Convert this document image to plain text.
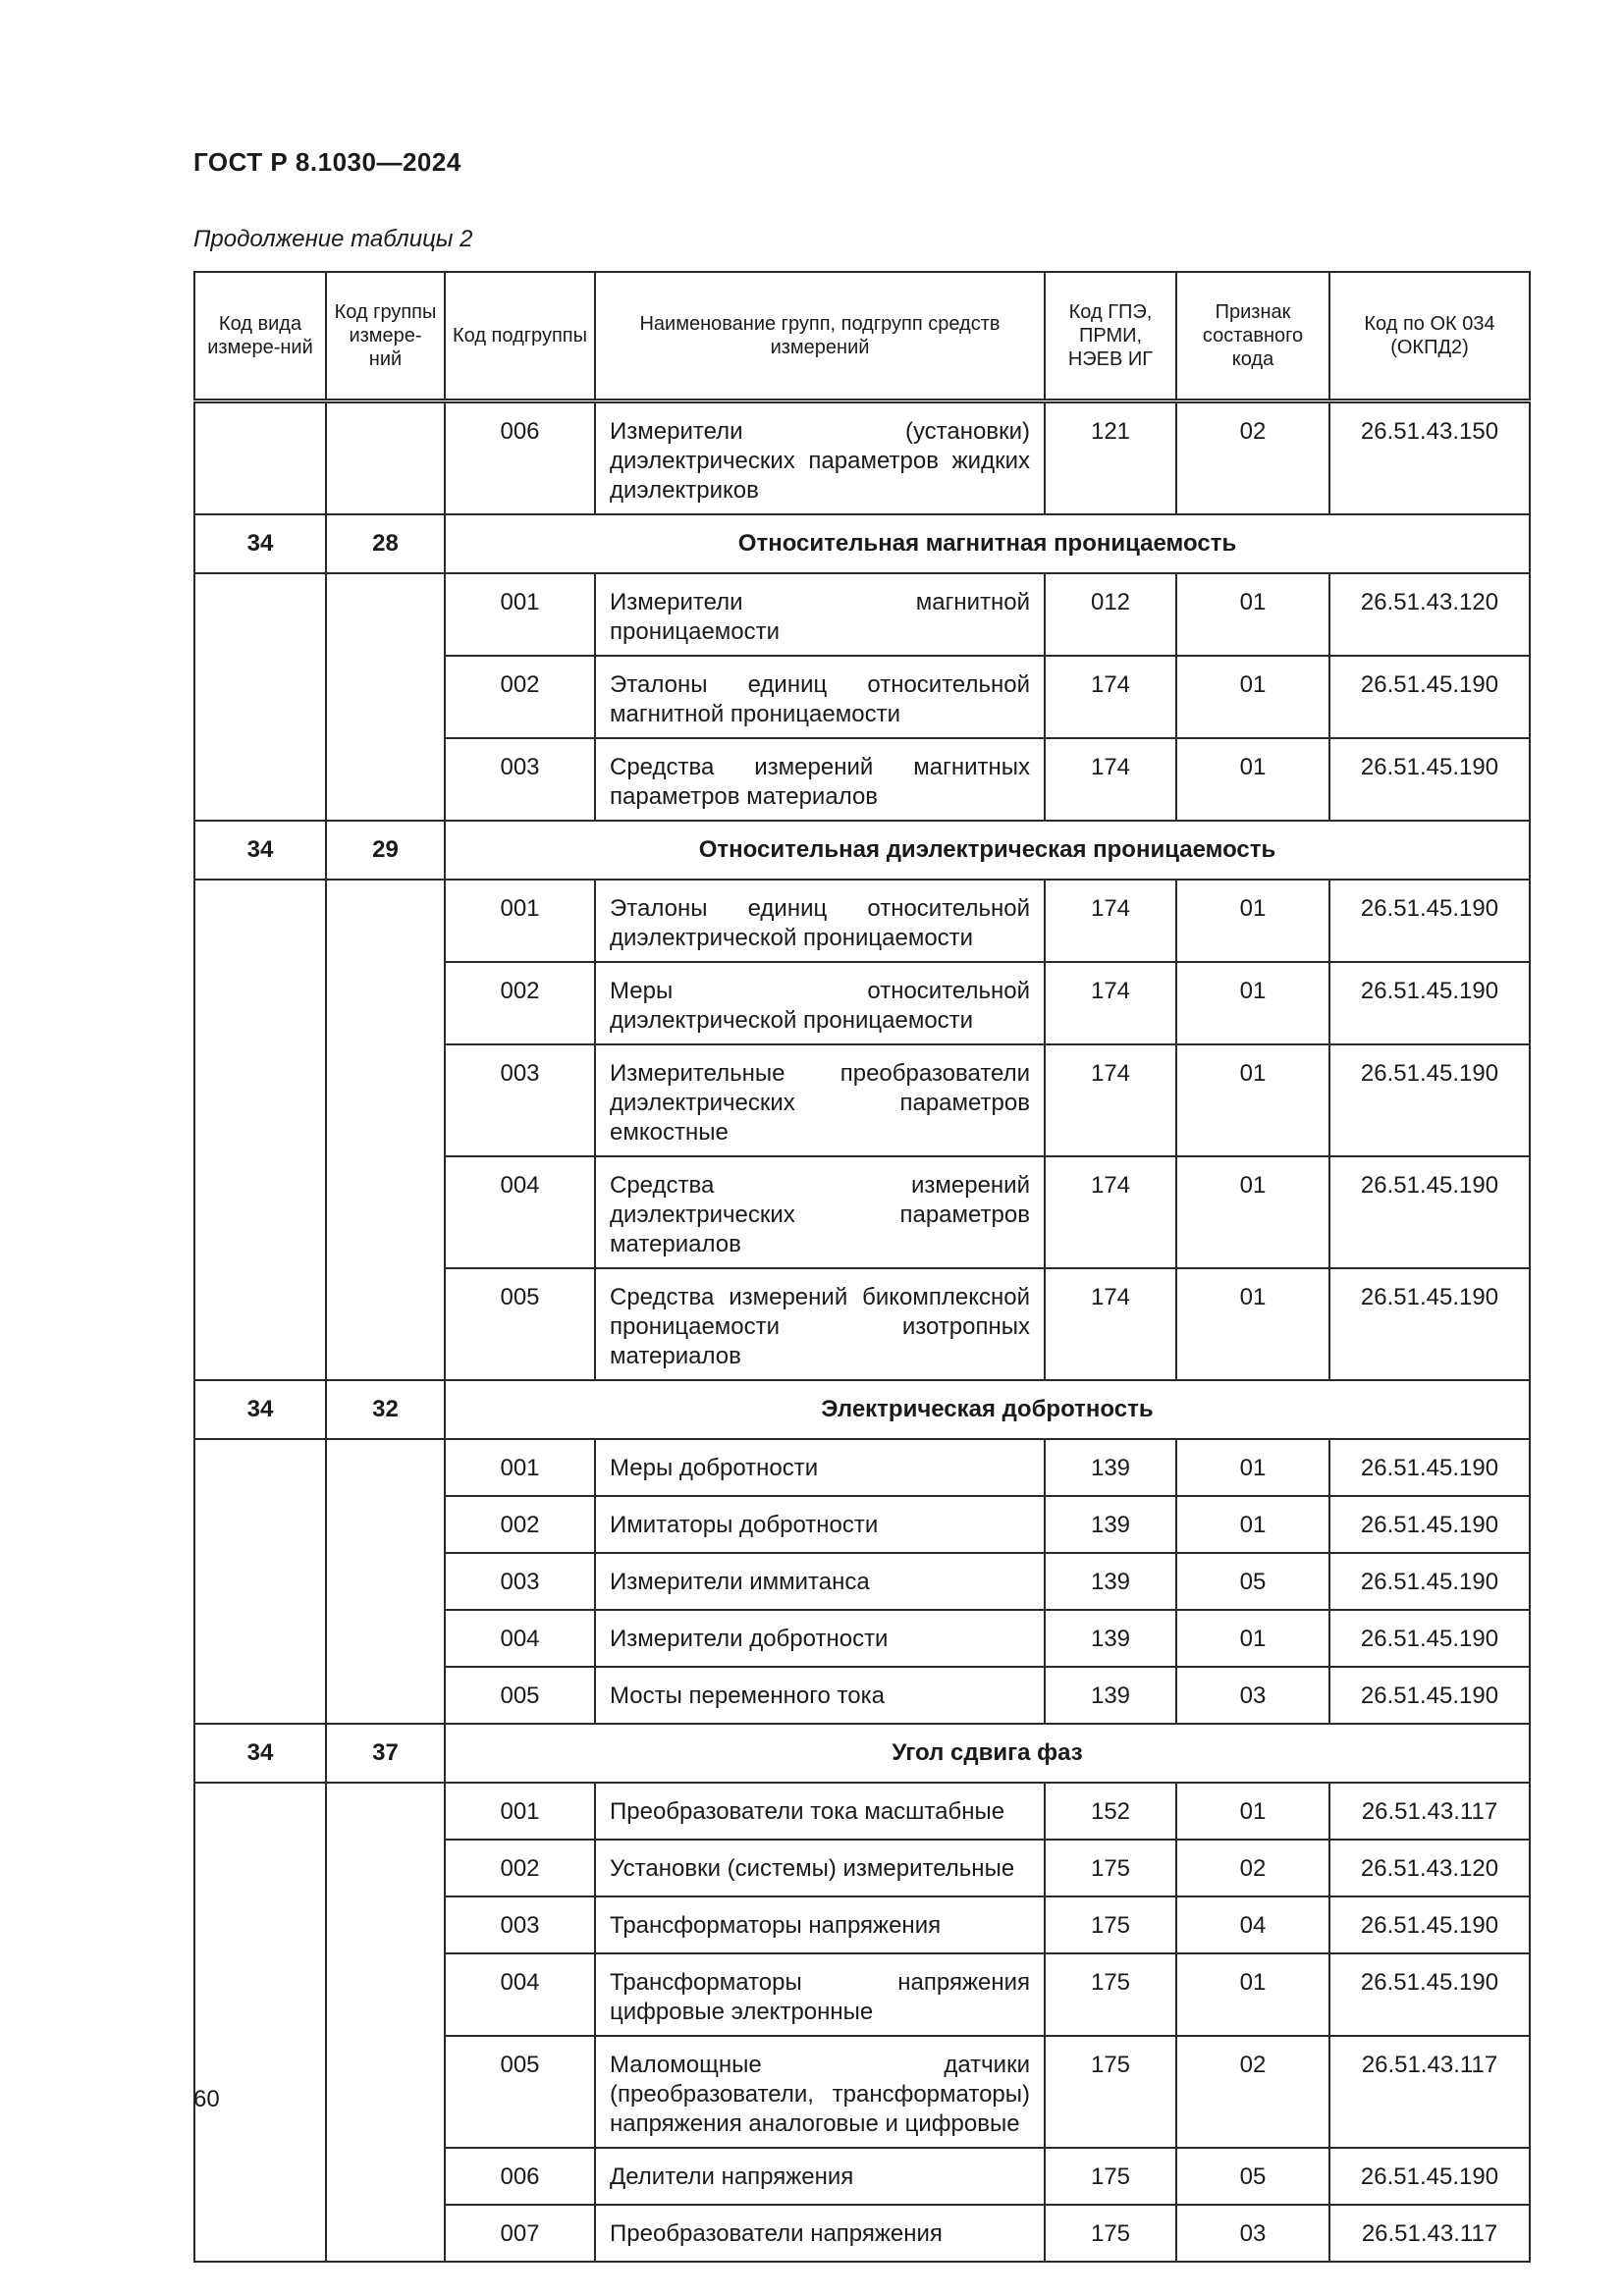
ГОСТ Р 8.1030—2024
Продолжение таблицы 2
Код вида измере-ний	Код группы измере-ний	Код подгруппы	Наименование групп, подгрупп средств измерений	Код ГПЭ, ПРМИ, НЭЕВ ИГ	Признак составного кода	Код по ОК 034 (ОКПД2)
		006	Измерители (установки) диэлектрических параметров жидких диэлектриков	121	02	26.51.43.150
34	28	Относительная магнитная проницаемость				
		001	Измерители магнитной проницаемости	012	01	26.51.43.120
		002	Эталоны единиц относительной магнитной проницаемости	174	01	26.51.45.190
		003	Средства измерений магнитных параметров материалов	174	01	26.51.45.190
34	29	Относительная диэлектрическая проницаемость				
		001	Эталоны единиц относительной диэлектрической проницаемости	174	01	26.51.45.190
		002	Меры относительной диэлектрической проницаемости	174	01	26.51.45.190
		003	Измерительные преобразователи диэлектрических параметров емкостные	174	01	26.51.45.190
		004	Средства измерений диэлектрических параметров материалов	174	01	26.51.45.190
		005	Средства измерений бикомплексной проницаемости изотропных материалов	174	01	26.51.45.190
34	32	Электрическая добротность				
		001	Меры добротности	139	01	26.51.45.190
		002	Имитаторы добротности	139	01	26.51.45.190
		003	Измерители иммитанса	139	05	26.51.45.190
		004	Измерители добротности	139	01	26.51.45.190
		005	Мосты переменного тока	139	03	26.51.45.190
34	37	Угол сдвига фаз				
		001	Преобразователи тока масштабные	152	01	26.51.43.117
		002	Установки (системы) измерительные	175	02	26.51.43.120
		003	Трансформаторы напряжения	175	04	26.51.45.190
		004	Трансформаторы напряжения цифровые электронные	175	01	26.51.45.190
		005	Маломощные датчики (преобразователи, трансформаторы) напряжения аналоговые и цифровые	175	02	26.51.43.117
		006	Делители напряжения	175	05	26.51.45.190
		007	Преобразователи напряжения	175	03	26.51.43.117
60
